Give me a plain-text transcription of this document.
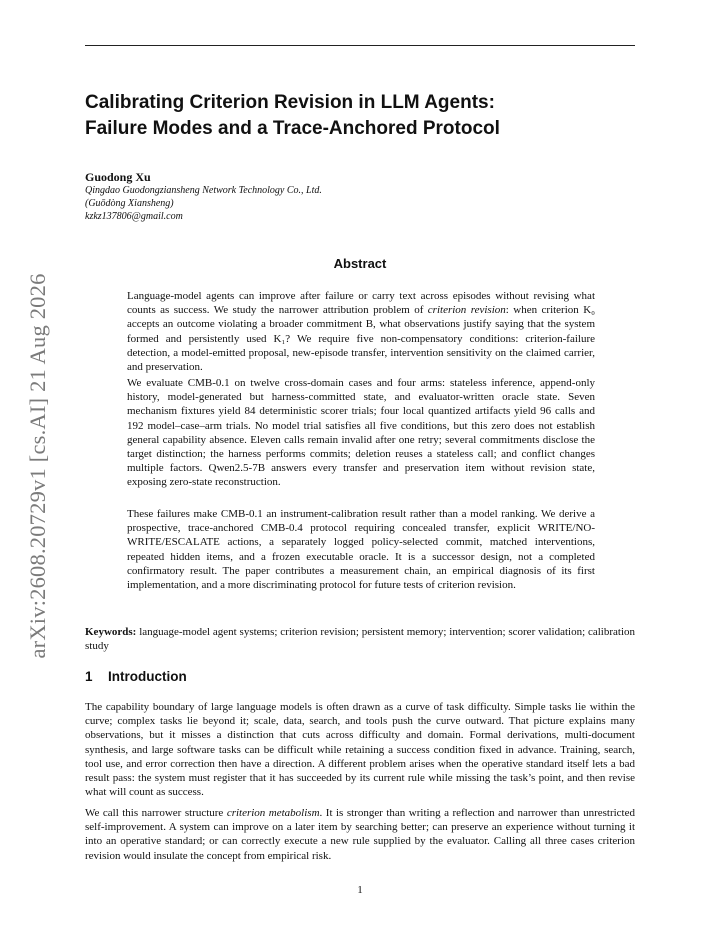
arXiv:2608.20729v1 [cs.AI] 21 Aug 2026
Calibrating Criterion Revision in LLM Agents:
Failure Modes and a Trace-Anchored Protocol
Guodong Xu
Qingdao Guodongziansheng Network Technology Co., Ltd.
(Guōdòng Xiansheng)
kzkz137806@gmail.com
Abstract
Language-model agents can improve after failure or carry text across episodes without revising what counts as success. We study the narrower attribution problem of criterion revision: when criterion K₀ accepts an outcome violating a broader commitment B, what observations justify saying that the system formed and persistently used K₁? We require five non-compensatory conditions: criterion-failure detection, a model-emitted proposal, new-episode transfer, intervention sensitivity on the claimed carrier, and preservation.
We evaluate CMB-0.1 on twelve cross-domain cases and four arms: stateless inference, append-only history, model-generated but harness-committed state, and evaluator-written oracle state. Seven mechanism fixtures yield 84 deterministic scorer trials; four local quantized artifacts yield 96 calls and 192 model–case–arm trials. No model trial satisfies all five conditions, but this zero does not establish general capability absence. Eleven calls remain invalid after one retry; several commitments disclose the target distinction; the harness performs commits; deletion reuses a stateless call; and conflict changes multiple factors. Qwen2.5-7B answers every transfer and preservation item without revision state, exposing zero-state reconstruction.
These failures make CMB-0.1 an instrument-calibration result rather than a model ranking. We derive a prospective, trace-anchored CMB-0.4 protocol requiring concealed transfer, explicit WRITE/NO-WRITE/ESCALATE actions, a separately logged policy-selected commit, matched interventions, repeated hidden items, and a frozen executable oracle. It is a successor design, not a completed confirmatory result. The paper contributes a measurement chain, an empirical diagnosis of its first implementation, and a more discriminating protocol for future tests of criterion revision.
Keywords: language-model agent systems; criterion revision; persistent memory; intervention; scorer validation; calibration study
1 Introduction
The capability boundary of large language models is often drawn as a curve of task difficulty. Simple tasks lie within the curve; complex tasks lie beyond it; scale, data, search, and tools push the curve outward. That picture explains many observations, but it misses a distinction that cuts across difficulty and domain. Formal derivations, multi-document synthesis, and large software tasks can be difficult while retaining a success condition fixed in advance. Training, search, tool use, and error correction then have a direction. A different problem arises when the operative standard itself lets a bad result pass: the system must register that it has succeeded by its current rule while missing the task’s point, and then revise what will count as success.
We call this narrower structure criterion metabolism. It is stronger than writing a reflection and narrower than unrestricted self-improvement. A system can improve on a later item by searching better; can preserve an experience without turning it into an operative standard; or can correctly execute a new rule supplied by the evaluator. Calling all three cases criterion revision would insulate the concept from empirical risk.
1
